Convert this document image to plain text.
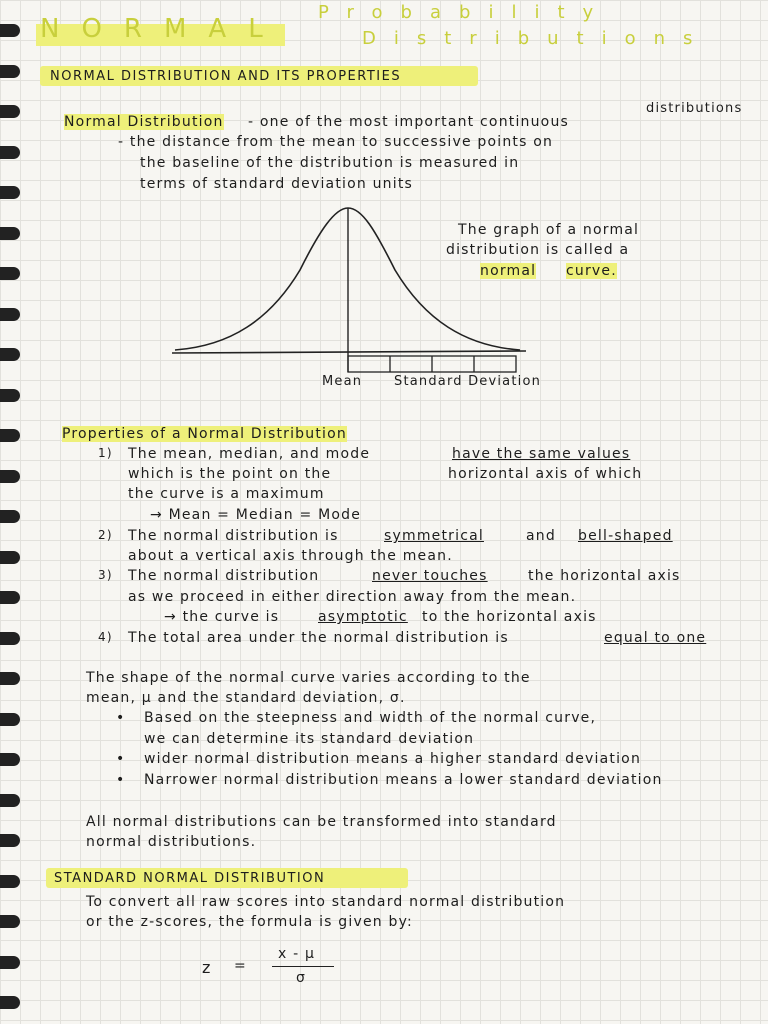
NORMAL
Probability
Distributions
NORMAL DISTRIBUTION AND ITS PROPERTIES
Normal Distribution - one of the most important continuous
distributions
- the distance from the mean to successive points on
the baseline of the distribution is measured in
terms of standard deviation units
The graph of a normal
distribution is called a
normal curve.
Mean Standard Deviation
Properties of a Normal Distribution
1) The mean, median, and mode	have the same values
which is the point on the	horizontal axis of which
the curve is a maximum
→ Mean = Median = Mode
2) The normal distribution is	symmetrical	and bell-shaped
about a vertical axis through the mean.
3) The normal distribution	never touches	the horizontal axis
as we proceed in either direction away from the mean.
→ the curve is	asymptotic to the horizontal axis
4) The total area under the normal distribution is	equal to one
The shape of the normal curve varies according to the
mean, μ and the standard deviation, σ.
• Based on the steepness and width of the normal curve,
we can determine its standard deviation
• wider normal distribution means a higher standard deviation
• Narrower normal distribution means a lower standard deviation
All normal distributions can be transformed into standard
normal distributions.
STANDARD NORMAL DISTRIBUTION
To convert all raw scores into standard normal distribution
or the z-scores, the formula is given by:
z =
x - μ
σ
